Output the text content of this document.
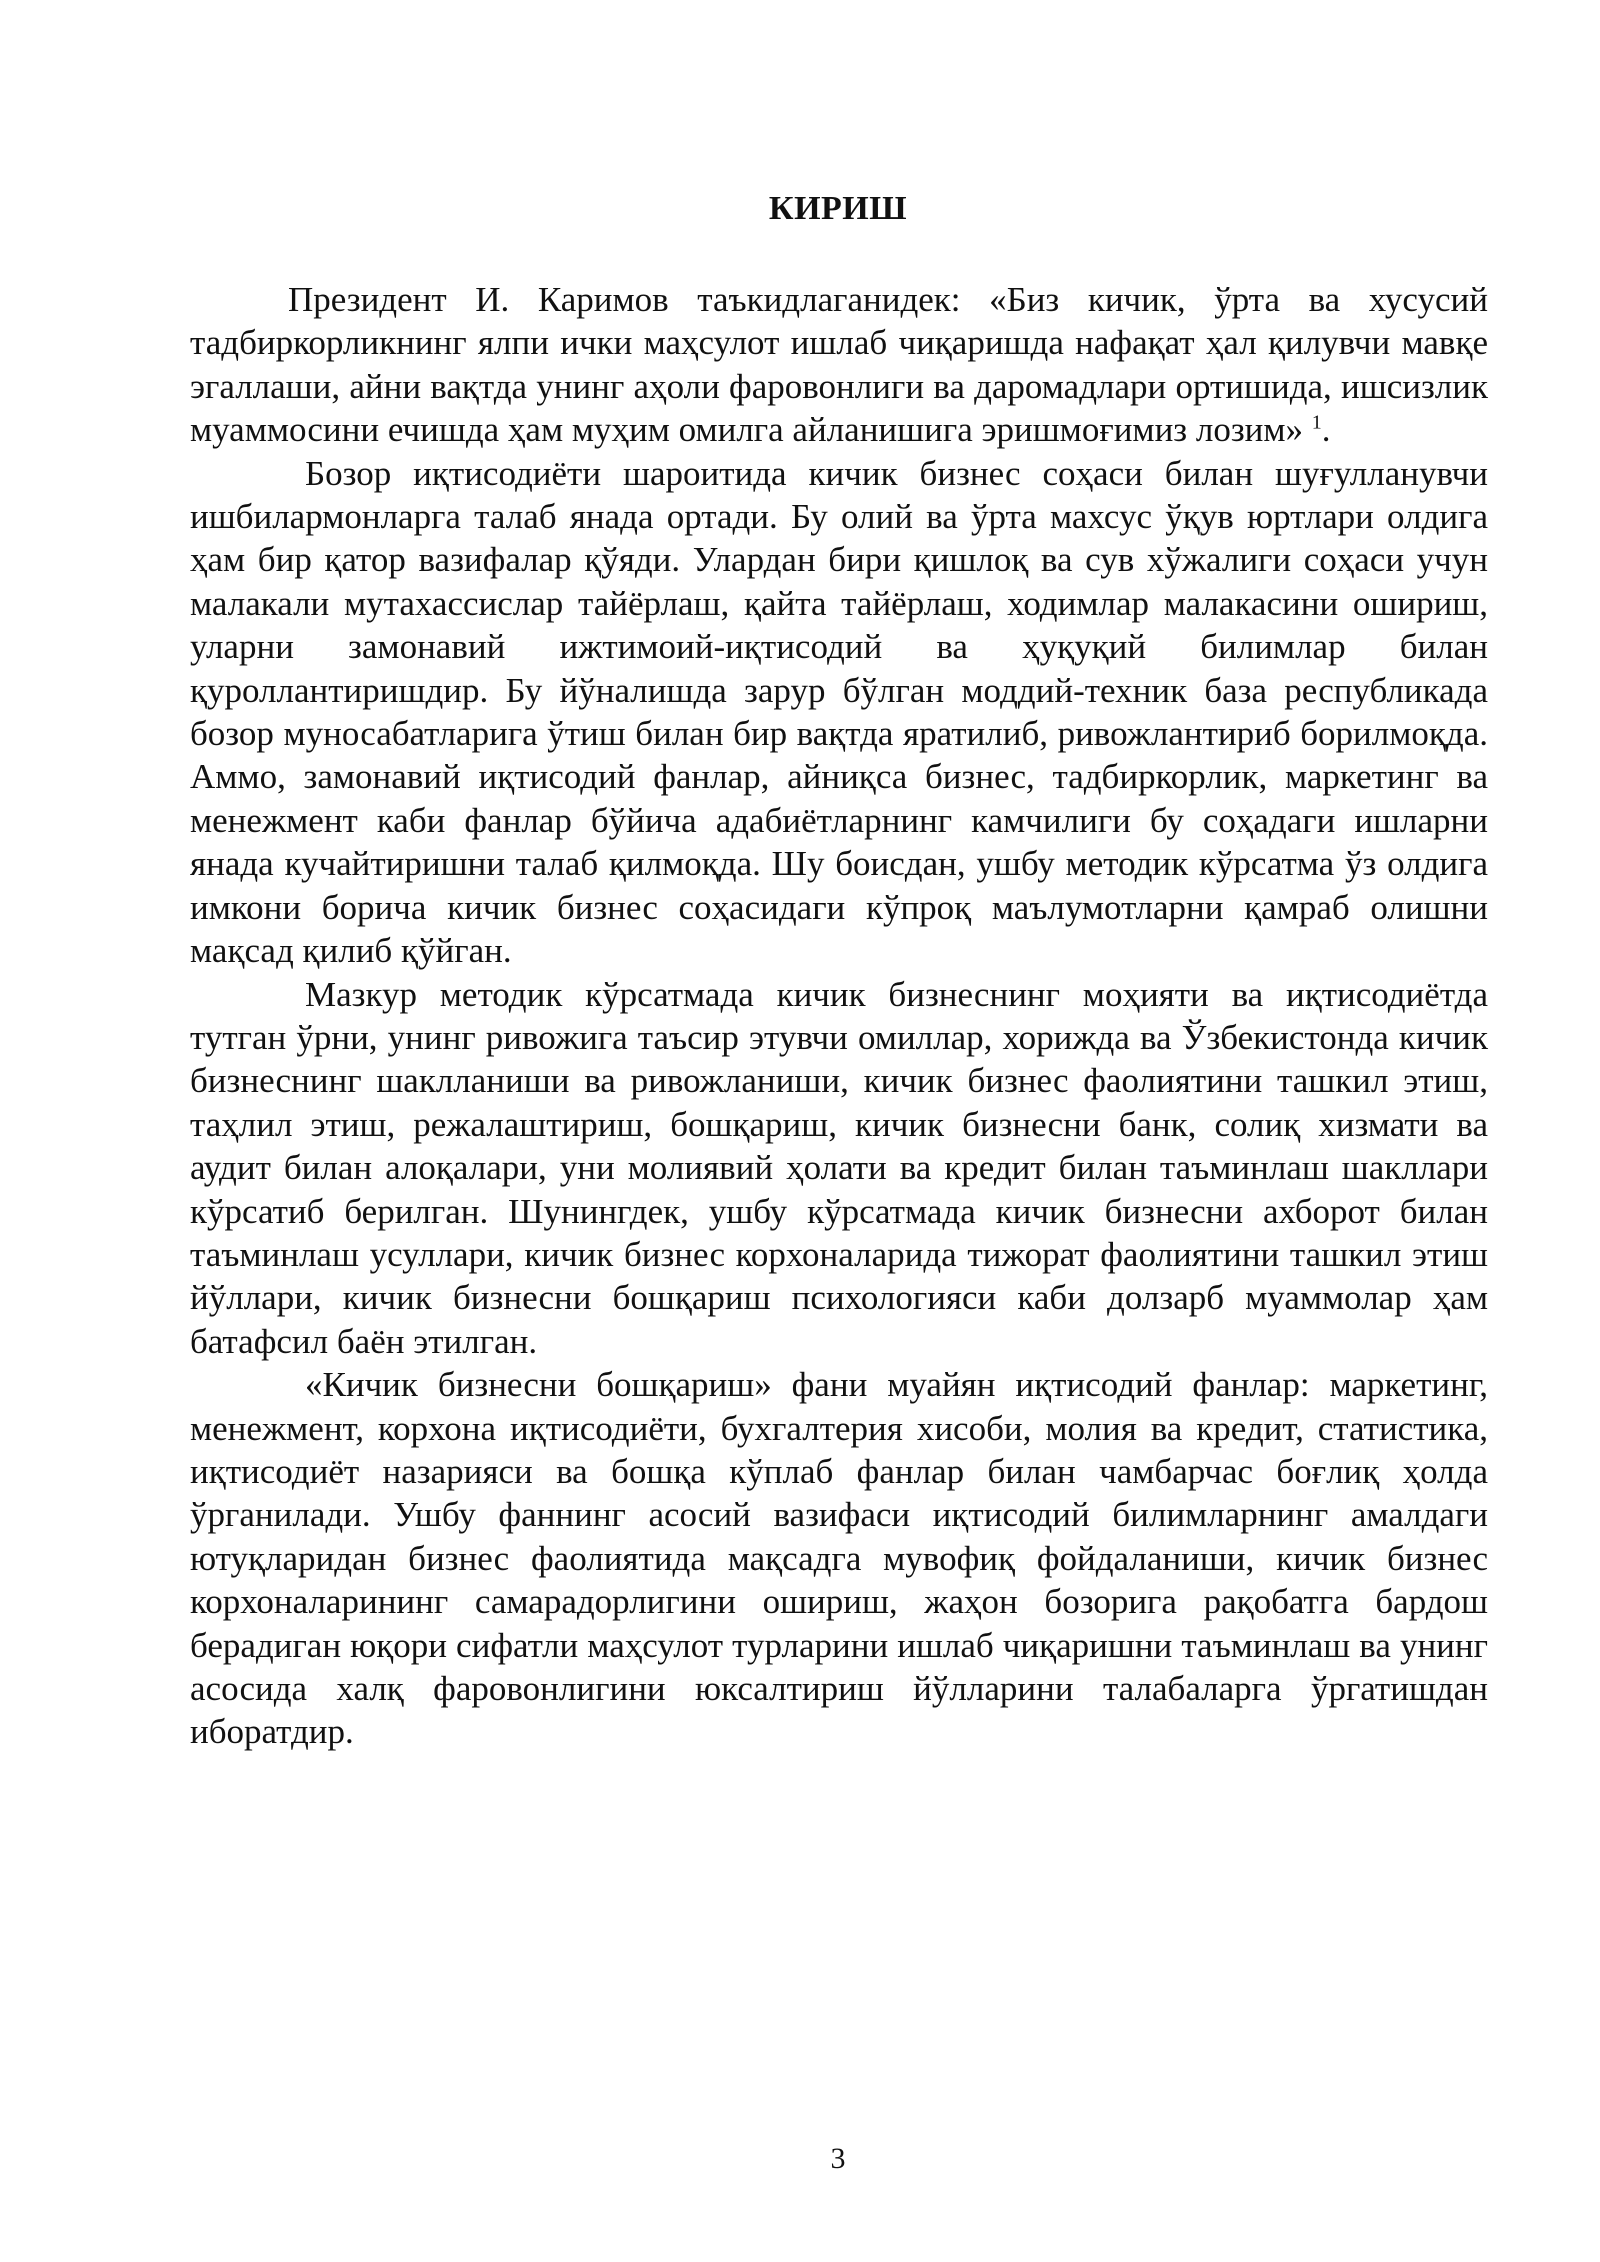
КИРИШ

Президент И. Каримов таъкидлаганидек: «Биз кичик, ўрта ва хусусий тадбиркорликнинг ялпи ички маҳсулот ишлаб чиқаришда нафақат ҳал қилувчи мавқе эгаллаши, айни вақтда унинг аҳоли фаровонлиги ва даромадлари ортишида, ишсизлик муаммосини ечишда ҳам муҳим омилга айланишига эришмоғимиз лозим» $^1$.

Бозор иқтисодиёти шароитида кичик бизнес соҳаси билан шуғулланувчи ишбилармонларга талаб янада ортади. Бу олий ва ўрта махсус ўқув юртлари олдига ҳам бир қатор вазифалар қўяди. Улардан бири қишлоқ ва сув хўжалиги соҳаси учун малакали мутахассислар тайёрлаш, қайта тайёрлаш, ходимлар малакасини ошириш, уларни замонавий ижтимоий-иқтисодий ва ҳуқуқий билимлар билан қуроллантиришдир. Бу йўналишда зарур бўлган моддий-техник база республикада бозор муносабатларига ўтиш билан бир вақтда яратилиб, ривожлантириб борилмоқда. Аммо, замонавий иқтисодий фанлар, айниқса бизнес, тадбиркорлик, маркетинг ва менежмент каби фанлар бўйича адабиётларнинг камчилиги бу соҳадаги ишларни янада кучайтиришни талаб қилмоқда. Шу боисдан, ушбу методик кўрсатма ўз олдига имкони борича кичик бизнес соҳасидаги кўпроқ маълумотларни қамраб олишни мақсад қилиб қўйган.

Мазкур методик кўрсатмада кичик бизнеснинг моҳияти ва иқтисодиётда тутган ўрни, унинг ривожига таъсир этувчи омиллар, хорижда ва Ўзбекистонда кичик бизнеснинг шаклланиши ва ривожланиши, кичик бизнес фаолиятини ташкил этиш, таҳлил этиш, режалаштириш, бошқариш, кичик бизнесни банк, солиқ хизмати ва аудит билан алоқалари, уни молиявий ҳолати ва кредит билан таъминлаш шакллари кўрсатиб берилган. Шунингдек, ушбу кўрсатмада кичик бизнесни ахборот билан таъминлаш усуллари, кичик бизнес корхоналарида тижорат фаолиятини ташкил этиш йўллари, кичик бизнесни бошқариш психологияси каби долзарб муаммолар ҳам батафсил баён этилган.

«Кичик бизнесни бошқариш» фани муайян иқтисодий фанлар: маркетинг, менежмент, корхона иқтисодиёти, бухгалтерия хисоби, молия ва кредит, статистика, иқтисодиёт назарияси ва бошқа кўплаб фанлар билан чамбарчас боғлиқ ҳолда ўрганилади. Ушбу фаннинг асосий вазифаси иқтисодий билимларнинг амалдаги ютуқларидан бизнес фаолиятида мақсадга мувофиқ фойдаланиши, кичик бизнес корхоналарининг самарадорлигини ошириш, жаҳон бозорига рақобатга бардош берадиган юқори сифатли маҳсулот турларини ишлаб чиқаришни таъминлаш ва унинг асосида халқ фаровонлигини юксалтириш йўлларини талабаларга ўргатишдан иборатдир.

3
